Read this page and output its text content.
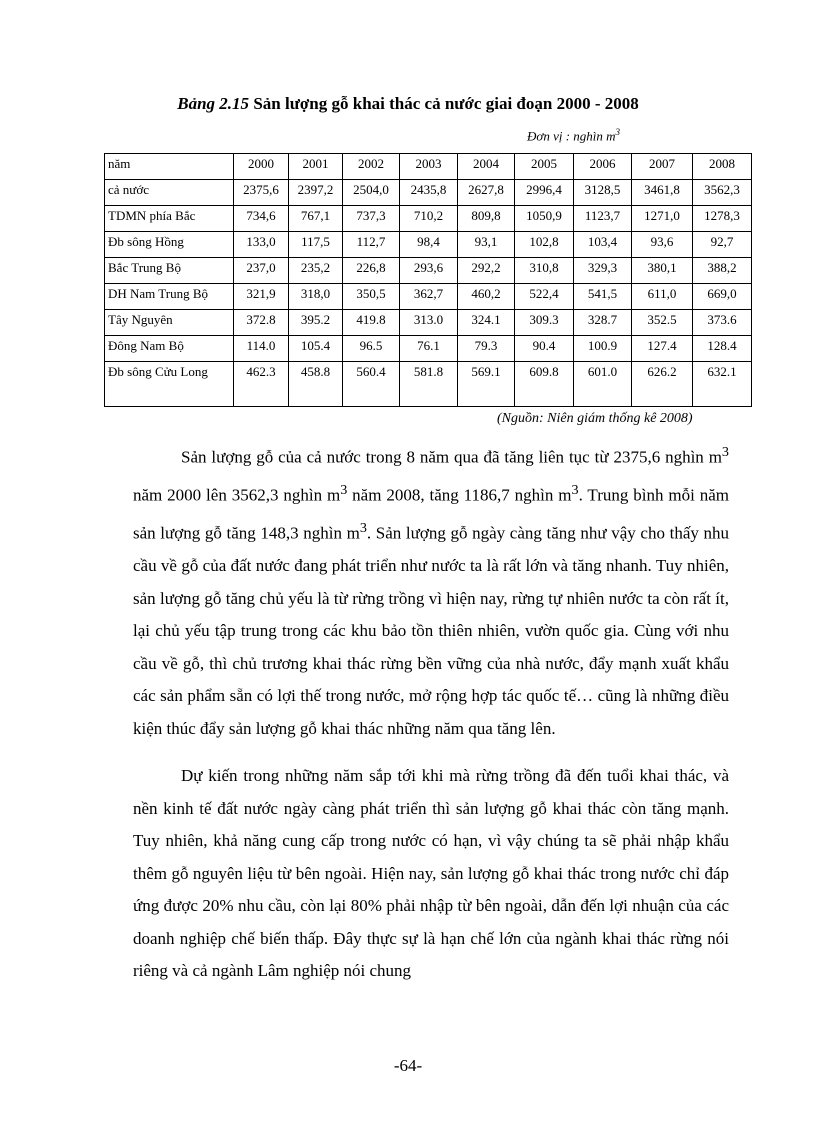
Bảng 2.15 Sản lượng gỗ khai thác cả nước giai đoạn 2000 - 2008
Đơn vị : nghìn $m^3$
năm	2000	2001	2002	2003	2004	2005	2006	2007	2008
cả nước	2375,6	2397,2	2504,0	2435,8	2627,8	2996,4	3128,5	3461,8	3562,3
TDMN phía Bắc	734,6	767,1	737,3	710,2	809,8	1050,9	1123,7	1271,0	1278,3
Đb sông Hồng	133,0	117,5	112,7	98,4	93,1	102,8	103,4	93,6	92,7
Bắc Trung Bộ	237,0	235,2	226,8	293,6	292,2	310,8	329,3	380,1	388,2
DH Nam Trung Bộ	321,9	318,0	350,5	362,7	460,2	522,4	541,5	611,0	669,0
Tây Nguyên	372.8	395.2	419.8	313.0	324.1	309.3	328.7	352.5	373.6
Đông Nam Bộ	114.0	105.4	96.5	76.1	79.3	90.4	100.9	127.4	128.4
Đb sông Cửu Long	462.3	458.8	560.4	581.8	569.1	609.8	601.0	626.2	632.1
(Nguồn: Niên giám thống kê 2008)

Sản lượng gỗ của cả nước trong 8 năm qua đã tăng liên tục từ 2375,6 nghìn $m^3$ năm 2000 lên 3562,3 nghìn $m^3$ năm 2008, tăng 1186,7 nghìn $m^3$. Trung bình mỗi năm sản lượng gỗ tăng 148,3 nghìn $m^3$. Sản lượng gỗ ngày càng tăng như vậy cho thấy nhu cầu về gỗ của đất nước đang phát triển như nước ta là rất lớn và tăng nhanh. Tuy nhiên, sản lượng gỗ tăng chủ yếu là từ rừng trồng vì hiện nay, rừng tự nhiên nước ta còn rất ít, lại chủ yếu tập trung trong các khu bảo tồn thiên nhiên, vườn quốc gia. Cùng với nhu cầu về gỗ, thì chủ trương khai thác rừng bền vững của nhà nước, đẩy mạnh xuất khẩu các sản phẩm sẵn có lợi thế trong nước, mở rộng hợp tác quốc tế… cũng là những điều kiện thúc đẩy sản lượng gỗ khai thác những năm qua tăng lên.

Dự kiến trong những năm sắp tới khi mà rừng trồng đã đến tuổi khai thác, và nền kinh tế đất nước ngày càng phát triển thì sản lượng gỗ khai thác còn tăng mạnh. Tuy nhiên, khả năng cung cấp trong nước có hạn, vì vậy chúng ta sẽ phải nhập khẩu thêm gỗ nguyên liệu từ bên ngoài. Hiện nay, sản lượng gỗ khai thác trong nước chỉ đáp ứng được 20% nhu cầu, còn lại 80% phải nhập từ bên ngoài, dẫn đến lợi nhuận của các doanh nghiệp chế biến thấp. Đây thực sự là hạn chế lớn của ngành khai thác rừng nói riêng và cả ngành Lâm nghiệp nói chung

-64-
